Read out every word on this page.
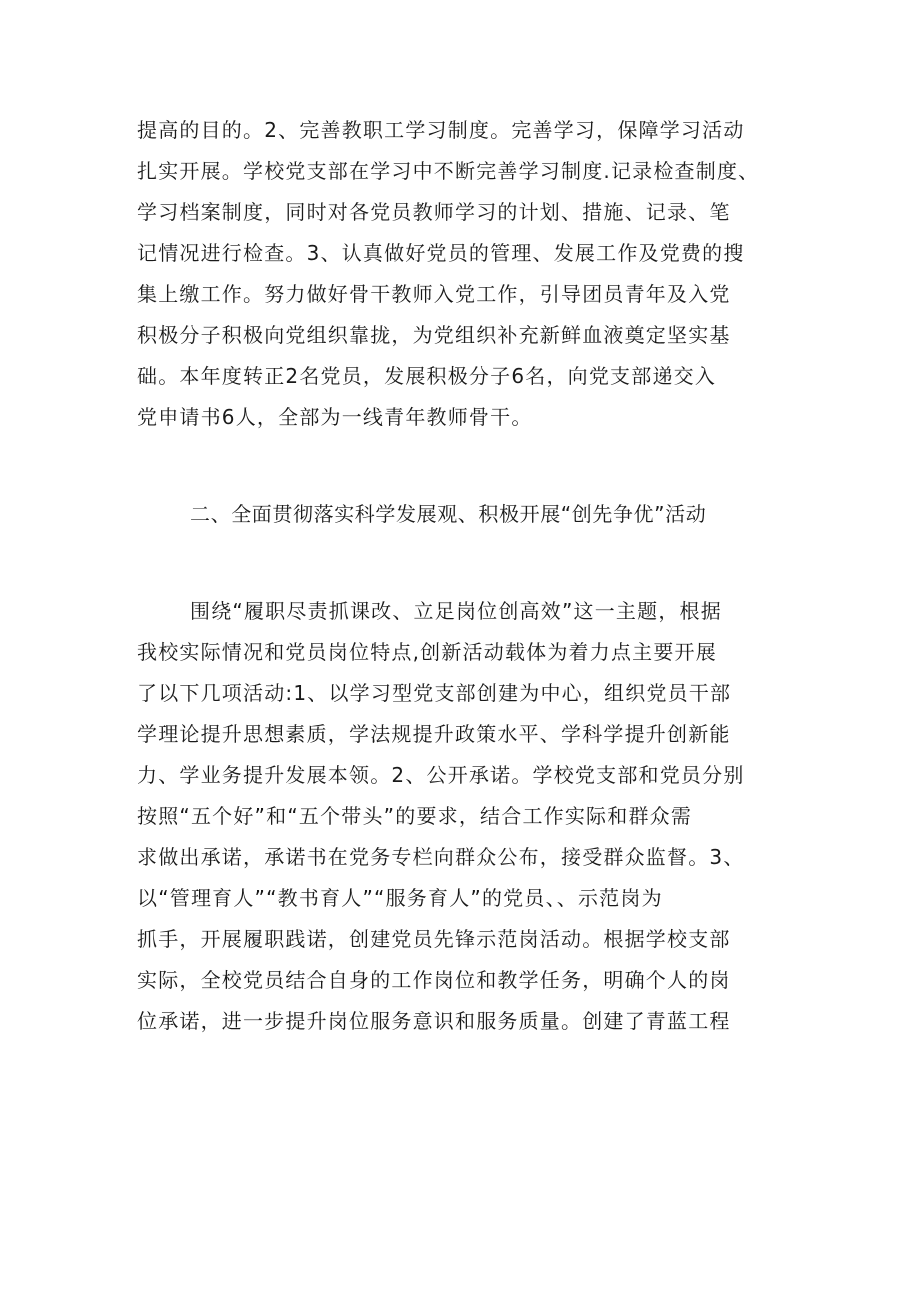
提高的目的。2、完善教职工学习制度。完善学习，保障学习活动
扎实开展。学校党支部在学习中不断完善学习制度.记录检查制度、
学习档案制度，同时对各党员教师学习的计划、措施、记录、笔
记情况进行检查。3、认真做好党员的管理、发展工作及党费的搜
集上缴工作。努力做好骨干教师入党工作，引导团员青年及入党
积极分子积极向党组织靠拢，为党组织补充新鲜血液奠定坚实基
础。本年度转正2名党员，发展积极分子6名，向党支部递交入
党申请书6人，全部为一线青年教师骨干。
二、全面贯彻落实科学发展观、积极开展“创先争优”活动
围绕“履职尽责抓课改、立足岗位创高效”这一主题，根据
我校实际情况和党员岗位特点,创新活动载体为着力点主要开展
了以下几项活动:1、以学习型党支部创建为中心，组织党员干部
学理论提升思想素质，学法规提升政策水平、学科学提升创新能
力、学业务提升发展本领。2、公开承诺。学校党支部和党员分别
按照“五个好”和“五个带头”的要求，结合工作实际和群众需
求做出承诺，承诺书在党务专栏向群众公布，接受群众监督。3、
以“管理育人”“教书育人”“服务育人”的党员、、示范岗为
抓手，开展履职践诺，创建党员先锋示范岗活动。根据学校支部
实际，全校党员结合自身的工作岗位和教学任务，明确个人的岗
位承诺，进一步提升岗位服务意识和服务质量。创建了青蓝工程
